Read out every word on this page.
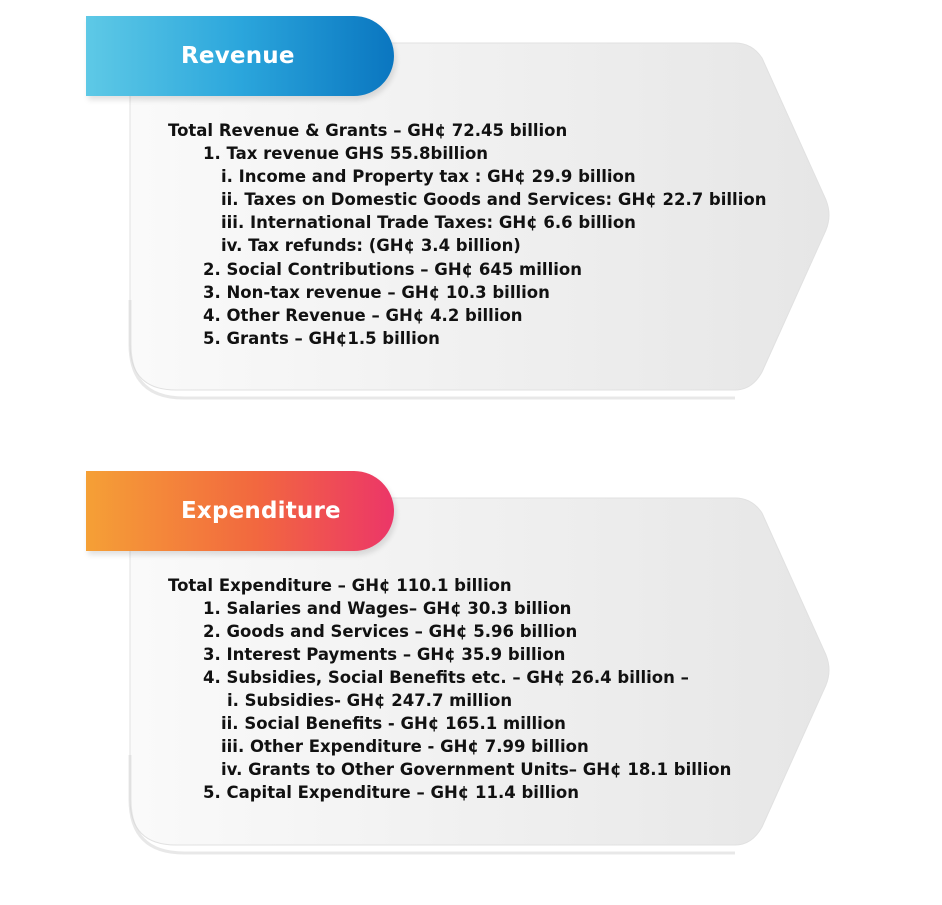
Revenue
Total Revenue & Grants – GH¢ 72.45 billion
1. Tax revenue GHS 55.8billion
i. Income and Property tax : GH¢ 29.9 billion
ii. Taxes on Domestic Goods and Services: GH¢ 22.7 billion
iii. International Trade Taxes: GH¢ 6.6 billion
iv. Tax refunds: (GH¢ 3.4 billion)
2. Social Contributions – GH¢ 645 million
3. Non-tax revenue – GH¢ 10.3 billion
4. Other Revenue – GH¢ 4.2 billion
5. Grants – GH¢1.5 billion
Expenditure
Total Expenditure – GH¢ 110.1 billion
1. Salaries and Wages– GH¢ 30.3 billion
2. Goods and Services – GH¢ 5.96 billion
3. Interest Payments – GH¢ 35.9 billion
4. Subsidies, Social Benefits etc. – GH¢ 26.4 billion –
i. Subsidies- GH¢ 247.7 million
ii. Social Benefits - GH¢ 165.1 million
iii. Other Expenditure - GH¢ 7.99 billion
iv. Grants to Other Government Units– GH¢ 18.1 billion
5. Capital Expenditure – GH¢ 11.4 billion
